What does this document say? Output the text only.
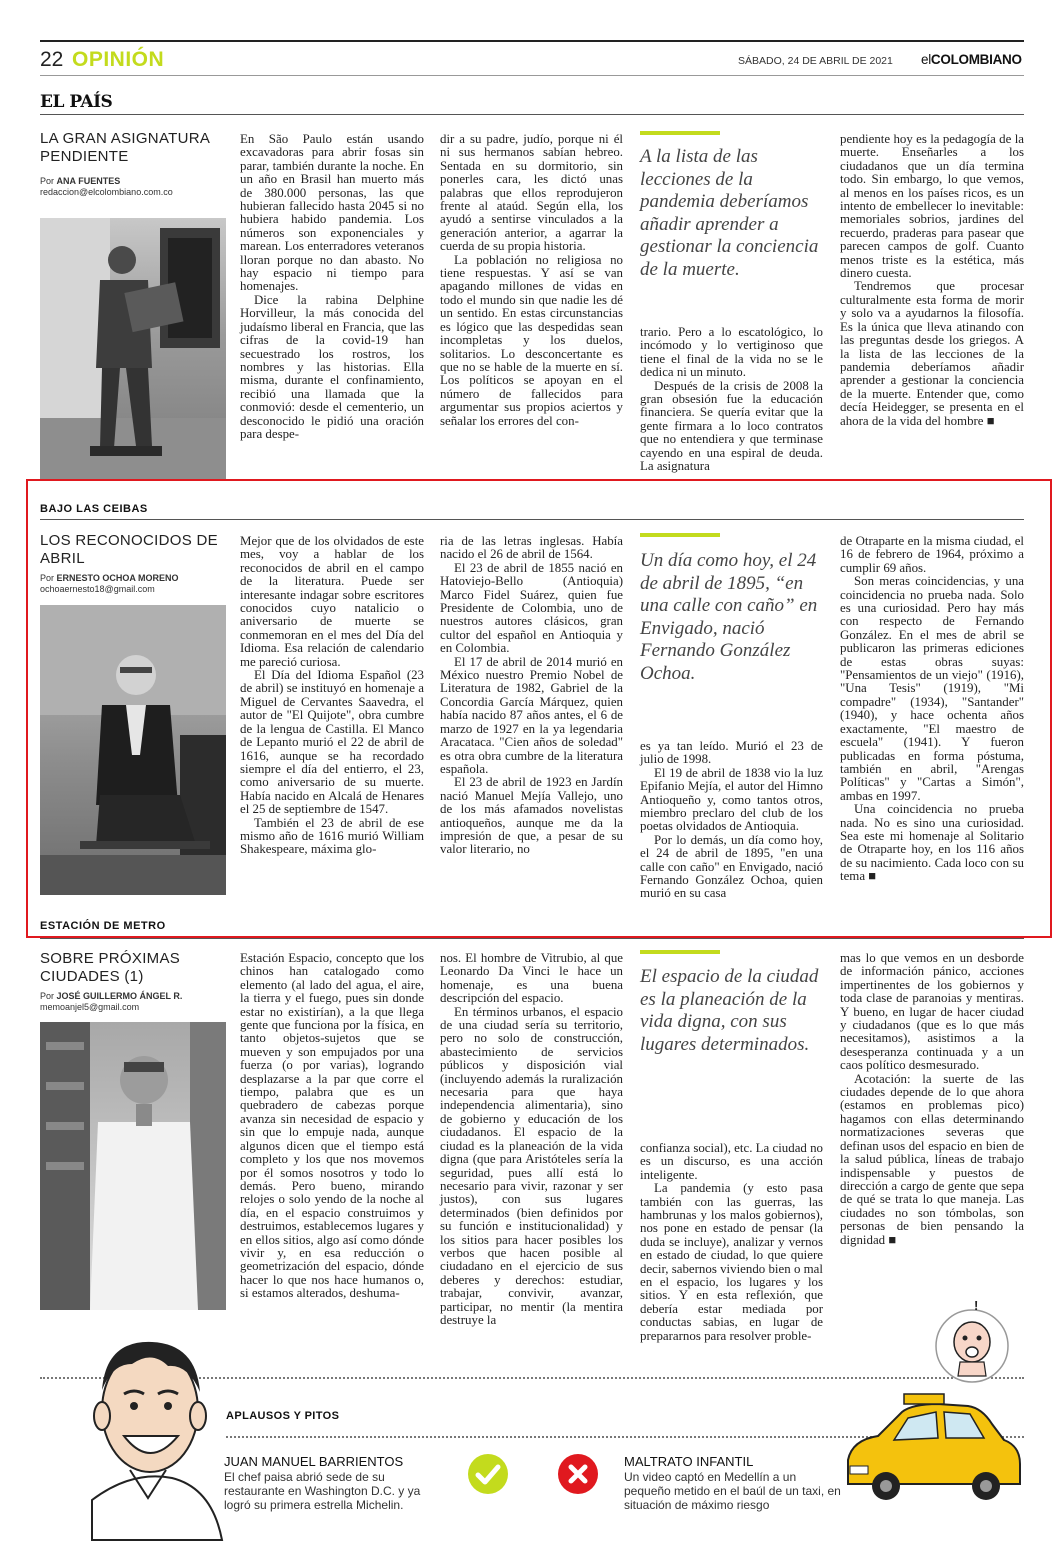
22 OPINIÓN	SÁBADO, 24 DE ABRIL DE 2021 elCOLOMBIANO
EL PAÍS
LA GRAN ASIGNATURA PENDIENTE
Por ANA FUENTES
redaccion@elcolombiano.com.co

En São Paulo están usando excavadoras para abrir fosas sin parar, también durante la noche. En un año en Brasil han muerto más de 380.000 personas, las que hubieran fallecido hasta 2045 si no hubiera habido pandemia. Los números son exponenciales y marean. Los enterradores veteranos lloran porque no dan abasto. No hay espacio ni tiempo para homenajes.

Dice la rabina Delphine Horvilleur, la más conocida del judaísmo liberal en Francia, que las cifras de la covid-19 han secuestrado los rostros, los nombres y las historias. Ella misma, durante el confinamiento, recibió una llamada que la conmovió: desde el cementerio, un desconocido le pidió una oración para despe-

dir a su padre, judío, porque ni él ni sus hermanos sabían hebreo. Sentada en su dormitorio, sin ponerles cara, les dictó unas palabras que ellos reprodujeron frente al ataúd. Según ella, los ayudó a sentirse vinculados a la generación anterior, a agarrar la cuerda de su propia historia.

La población no religiosa no tiene respuestas. Y así se van apagando millones de vidas en todo el mundo sin que nadie les dé un sentido. En estas circunstancias es lógico que las despedidas sean incompletas y los duelos, solitarios. Lo desconcertante es que no se hable de la muerte en sí. Los políticos se apoyan en el número de fallecidos para argumentar sus propios aciertos y señalar los errores del con-

A la lista de las lecciones de la pandemia deberíamos añadir aprender a gestionar la conciencia de la muerte.

trario. Pero a lo escatológico, lo incómodo y lo vertiginoso que tiene el final de la vida no se le dedica ni un minuto.

Después de la crisis de 2008 la gran obsesión fue la educación financiera. Se quería evitar que la gente firmara a lo loco contratos que no entendiera y que terminase cayendo en una espiral de deuda. La asignatura

pendiente hoy es la pedagogía de la muerte. Enseñarles a los ciudadanos que un día termina todo. Sin embargo, lo que vemos, al menos en los países ricos, es un intento de embellecer lo inevitable: memoriales sobrios, jardines del recuerdo, praderas para pasear que parecen campos de golf. Cuanto menos triste es la estética, más dinero cuesta.

Tendremos que procesar culturalmente esta forma de morir y solo va a ayudarnos la filosofía. Es la única que lleva atinando con las preguntas desde los griegos. A la lista de las lecciones de la pandemia deberíamos añadir aprender a gestionar la conciencia de la muerte. Entender que, como decía Heidegger, se presenta en el ahora de la vida del hombre ■

BAJO LAS CEIBAS
LOS RECONOCIDOS DE ABRIL
Por ERNESTO OCHOA MORENO
ochoaernesto18@gmail.com

Mejor que de los olvidados de este mes, voy a hablar de los reconocidos de abril en el campo de la literatura. Puede ser interesante indagar sobre escritores conocidos cuyo natalicio o aniversario de muerte se conmemoran en el mes del Día del Idioma. Esa relación de calendario me pareció curiosa.

El Día del Idioma Español (23 de abril) se instituyó en homenaje a Miguel de Cervantes Saavedra, el autor de "El Quijote", obra cumbre de la lengua de Castilla. El Manco de Lepanto murió el 22 de abril de 1616, aunque se ha recordado siempre el día del entierro, el 23, como aniversario de su muerte. Había nacido en Alcalá de Henares el 25 de septiembre de 1547.

También el 23 de abril de ese mismo año de 1616 murió William Shakespeare, máxima glo-

ria de las letras inglesas. Había nacido el 26 de abril de 1564.

El 23 de abril de 1855 nació en Hatoviejo-Bello (Antioquia) Marco Fidel Suárez, quien fue Presidente de Colombia, uno de nuestros autores clásicos, gran cultor del español en Antioquia y en Colombia.

El 17 de abril de 2014 murió en México nuestro Premio Nobel de Literatura de 1982, Gabriel de la Concordia García Márquez, quien había nacido 87 años antes, el 6 de marzo de 1927 en la ya legendaria Aracataca. "Cien años de soledad" es otra obra cumbre de la literatura española.

El 23 de abril de 1923 en Jardín nació Manuel Mejía Vallejo, uno de los más afamados novelistas antioqueños, aunque me da la impresión de que, a pesar de su valor literario, no

Un día como hoy, el 24 de abril de 1895, “en una calle con caño” en Envigado, nació Fernando González Ochoa.

es ya tan leído. Murió el 23 de julio de 1998.

El 19 de abril de 1838 vio la luz Epifanio Mejía, el autor del Himno Antioqueño y, como tantos otros, miembro preclaro del club de los poetas olvidados de Antioquia.

Por lo demás, un día como hoy, el 24 de abril de 1895, "en una calle con caño" en Envigado, nació Fernando González Ochoa, quien murió en su casa

de Otraparte en la misma ciudad, el 16 de febrero de 1964, próximo a cumplir 69 años.

Son meras coincidencias, y una coincidencia no prueba nada. Solo es una curiosidad. Pero hay más con respecto de Fernando González. En el mes de abril se publicaron las primeras ediciones de estas obras suyas: "Pensamientos de un viejo" (1916), "Una Tesis" (1919), "Mi compadre" (1934), "Santander" (1940), y hace ochenta años exactamente, "El maestro de escuela" (1941). Y fueron publicadas en forma póstuma, también en abril, "Arengas Políticas" y "Cartas a Simón", ambas en 1997.

Una coincidencia no prueba nada. No es sino una curiosidad. Sea este mi homenaje al Solitario de Otraparte hoy, en los 116 años de su nacimiento. Cada loco con su tema ■

ESTACIÓN DE METRO
SOBRE PRÓXIMAS CIUDADES (1)
Por JOSÉ GUILLERMO ÁNGEL R.
memoanjel5@gmail.com

Estación Espacio, concepto que los chinos han catalogado como elemento (al lado del agua, el aire, la tierra y el fuego, pues sin donde estar no existirían), a la que llega gente que funciona por la física, en tanto objetos-sujetos que se mueven y son empujados por una fuerza (o por varias), logrando desplazarse a la par que corre el tiempo, palabra que es un quebradero de cabezas porque avanza sin necesidad de espacio y sin que lo empuje nada, aunque algunos dicen que el tiempo está completo y los que nos movemos por él somos nosotros y todo lo demás. Pero bueno, mirando relojes o solo yendo de la noche al día, en el espacio construimos y destruimos, establecemos lugares y en ellos sitios, algo así como dónde vivir y, en esa reducción o geometrización del espacio, dónde hacer lo que nos hace humanos o, si estamos alterados, deshuma-

nos. El hombre de Vitrubio, al que Leonardo Da Vinci le hace un homenaje, es una buena descripción del espacio.

En términos urbanos, el espacio de una ciudad sería su territorio, pero no solo de construcción, abastecimiento de servicios públicos y disposición vial (incluyendo además la ruralización necesaria para que haya independencia alimentaria), sino de gobierno y educación de los ciudadanos. El espacio de la ciudad es la planeación de la vida digna (que para Aristóteles sería la seguridad, pues allí está lo necesario para vivir, razonar y ser justos), con sus lugares determinados (bien definidos por su función e institucionalidad) y los sitios para hacer posibles los verbos que hacen posible al ciudadano en el ejercicio de sus deberes y derechos: estudiar, trabajar, convivir, avanzar, participar, no mentir (la mentira destruye la

El espacio de la ciudad es la planeación de la vida digna, con sus lugares determinados.

confianza social), etc. La ciudad no es un discurso, es una acción inteligente.

La pandemia (y esto pasa también con las guerras, las hambrunas y los malos gobiernos), nos pone en estado de pensar (la duda se incluye), analizar y vernos en estado de ciudad, lo que quiere decir, sabernos viviendo bien o mal en el espacio, los lugares y los sitios. Y en esta reflexión, que debería estar mediada por conductas sabias, en lugar de prepararnos para resolver proble-

mas lo que vemos en un desborde de información pánico, acciones impertinentes de los gobiernos y toda clase de paranoias y mentiras. Y bueno, en lugar de hacer ciudad y ciudadanos (que es lo que más necesitamos), asistimos a la desesperanza continuada y a un caos político desmesurado.

Acotación: la suerte de las ciudades depende de lo que ahora (estamos en problemas pico) hagamos con ellas determinando normatizaciones severas que definan usos del espacio en bien de la salud pública, líneas de trabajo indispensable y puestos de dirección a cargo de gente que sepa de qué se trata lo que maneja. Las ciudades no son tómbolas, son personas de bien pensando la dignidad ■

APLAUSOS Y PITOS
!
JUAN MANUEL BARRIENTOS
El chef paisa abrió sede de su restaurante en Washington D.C. y ya logró su primera estrella Michelin.
MALTRATO INFANTIL
Un video captó en Medellín a un pequeño metido en el baúl de un taxi, en situación de máximo riesgo
